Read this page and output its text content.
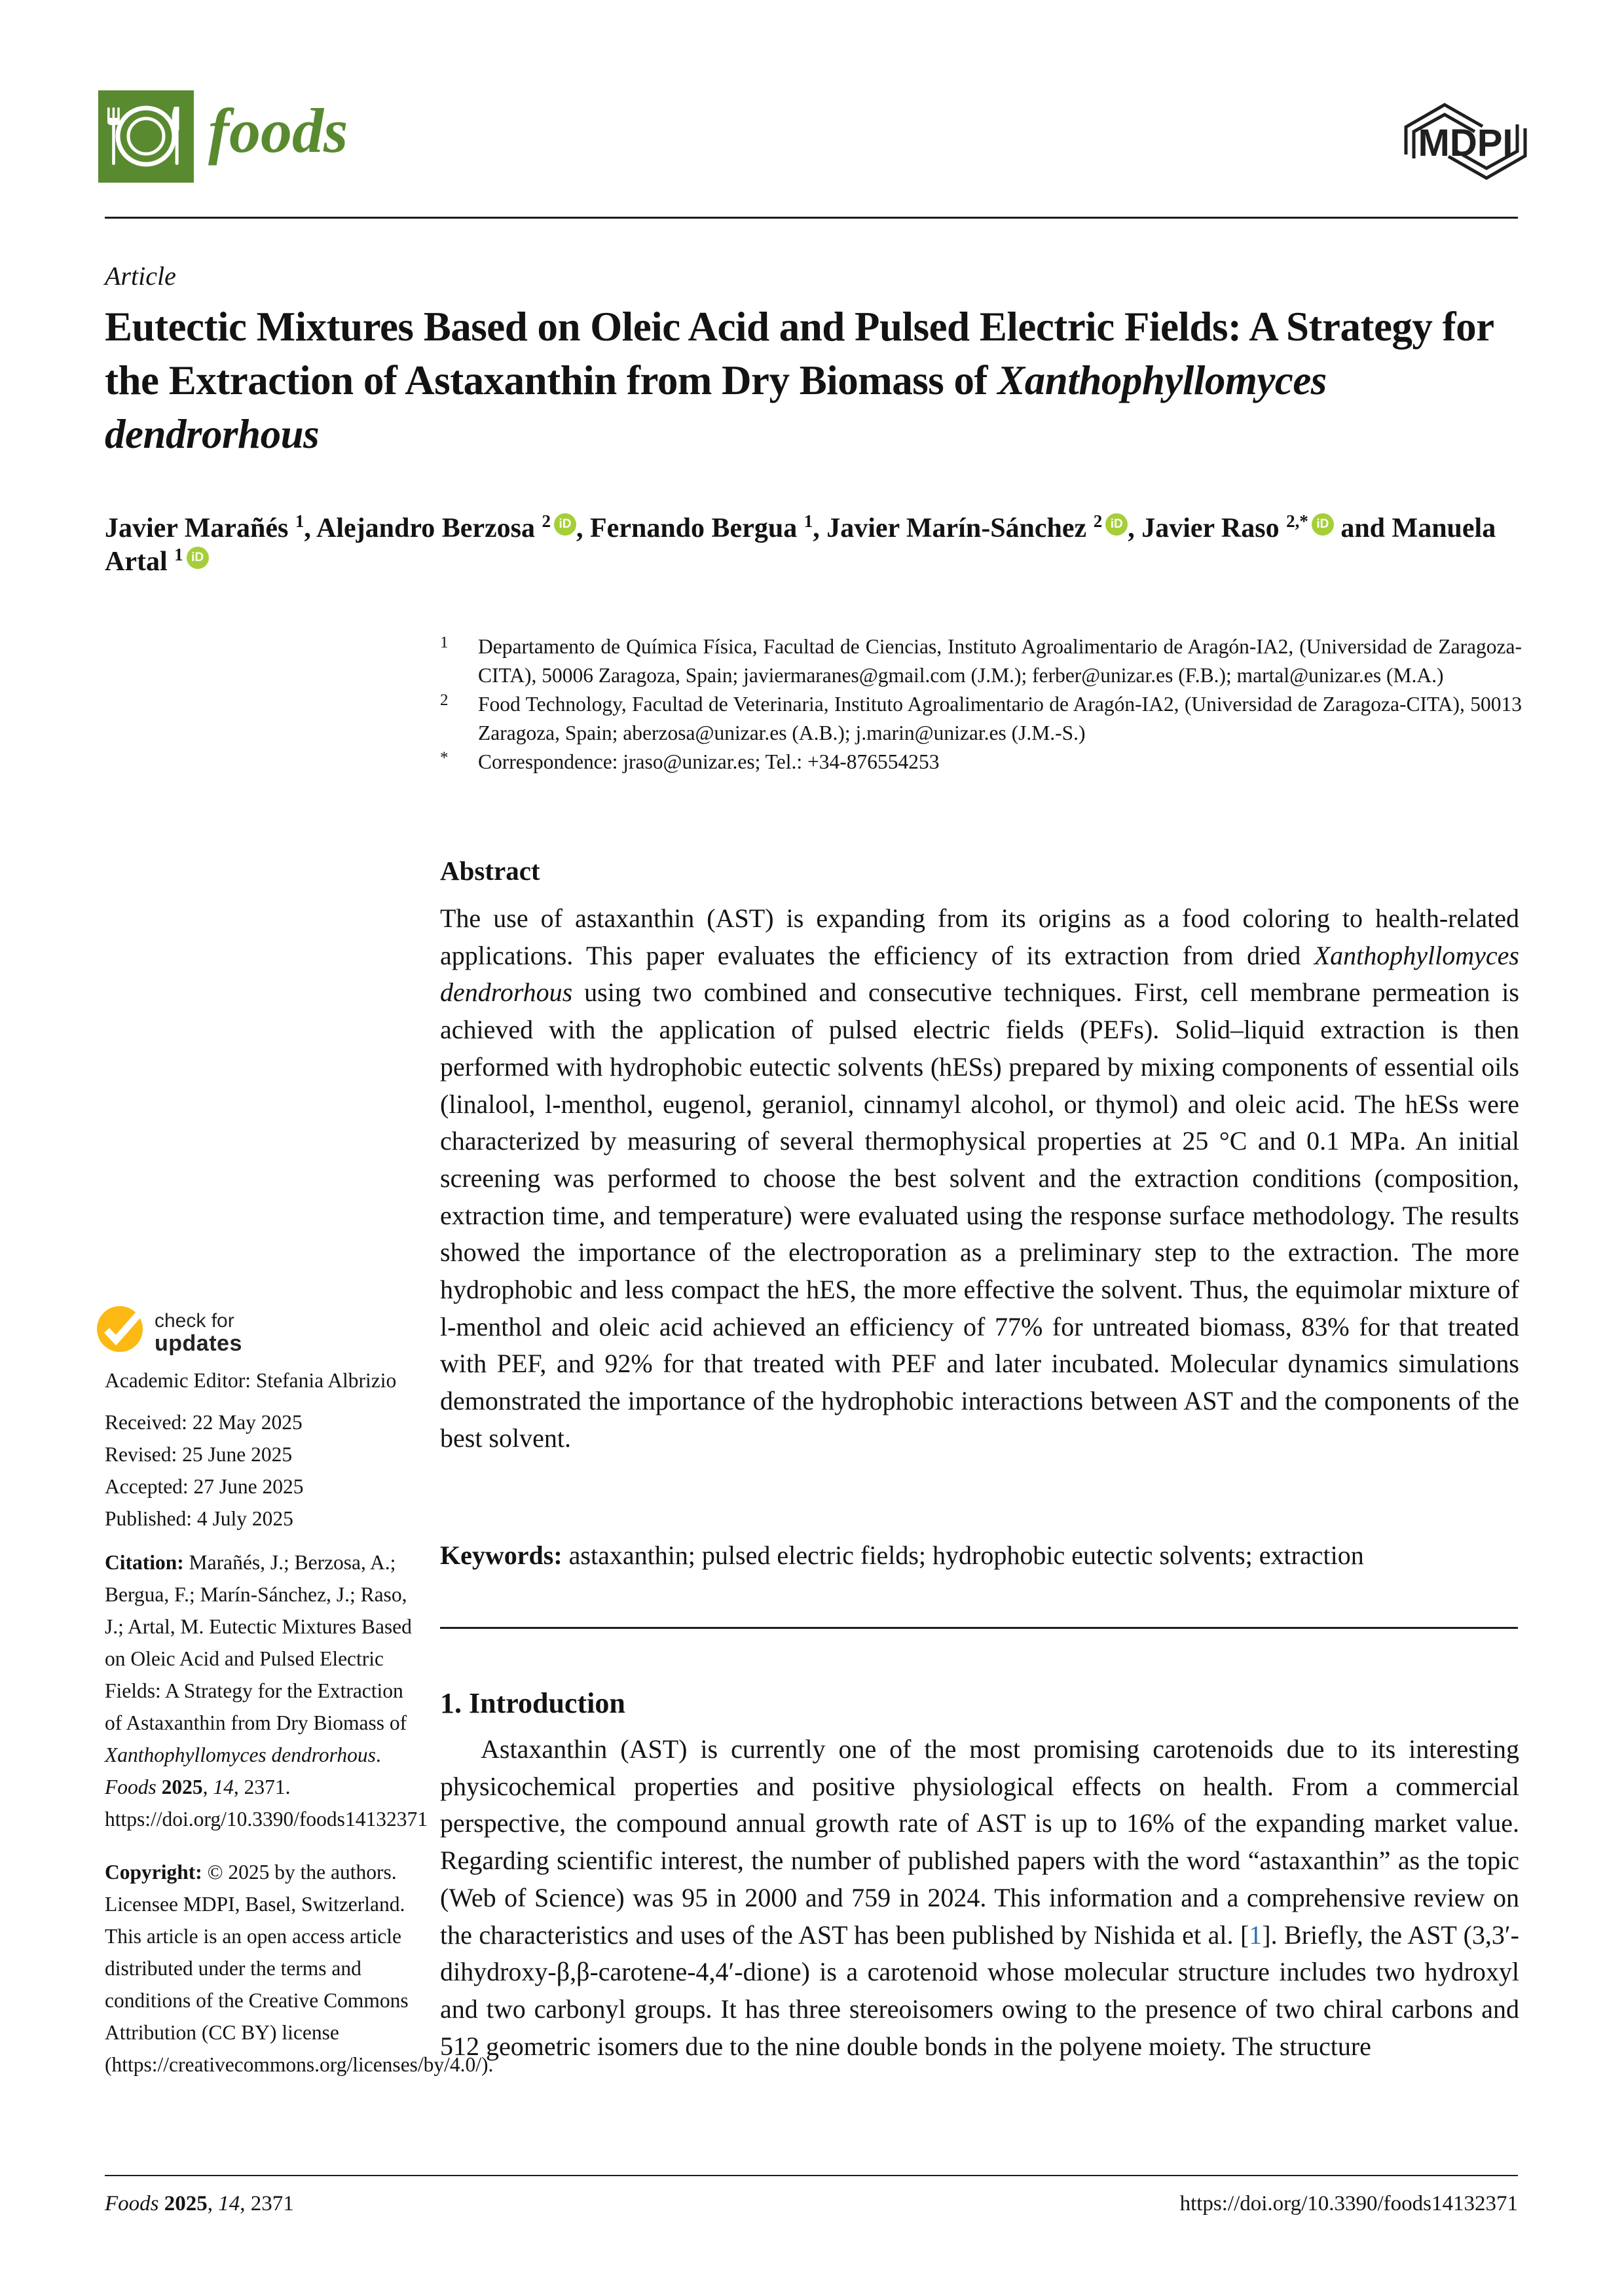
foods	MDPI
Article
Eutectic Mixtures Based on Oleic Acid and Pulsed Electric Fields: A Strategy for the Extraction of Astaxanthin from Dry Biomass of Xanthophyllomyces dendrorhous
Javier Marañés $^1$, Alejandro Berzosa $^2$ iD , Fernando Bergua $^1$, Javier Marín-Sánchez $^2$ iD , Javier Raso $^{2,*}$ iD and Manuela Artal $^1$ iD
1	Departamento de Química Física, Facultad de Ciencias, Instituto Agroalimentario de Aragón-IA2, (Universidad de Zaragoza-CITA), 50006 Zaragoza, Spain; javiermaranes@gmail.com (J.M.); ferber@unizar.es (F.B.); martal@unizar.es (M.A.)
2	Food Technology, Facultad de Veterinaria, Instituto Agroalimentario de Aragón-IA2, (Universidad de Zaragoza-CITA), 50013 Zaragoza, Spain; aberzosa@unizar.es (A.B.); j.marin@unizar.es (J.M.-S.)
*	Correspondence: jraso@unizar.es; Tel.: +34-876554253
Abstract
The use of astaxanthin (AST) is expanding from its origins as a food coloring to health-related applications. This paper evaluates the efficiency of its extraction from dried Xanthophyllomyces dendrorhous using two combined and consecutive techniques. First, cell membrane permeation is achieved with the application of pulsed electric fields (PEFs). Solid–liquid extraction is then performed with hydrophobic eutectic solvents (hESs) prepared by mixing components of essential oils (linalool, l-menthol, eugenol, geraniol, cinnamyl alcohol, or thymol) and oleic acid. The hESs were characterized by measuring of several thermophysical properties at 25 °C and 0.1 MPa. An initial screening was performed to choose the best solvent and the extraction conditions (composition, extraction time, and temperature) were evaluated using the response surface methodology. The results showed the importance of the electroporation as a preliminary step to the extraction. The more hydrophobic and less compact the hES, the more effective the solvent. Thus, the equimolar mixture of l-menthol and oleic acid achieved an efficiency of 77% for untreated biomass, 83% for that treated with PEF, and 92% for that treated with PEF and later incubated. Molecular dynamics simulations demonstrated the importance of the hydrophobic interactions between AST and the components of the best solvent.
Keywords: astaxanthin; pulsed electric fields; hydrophobic eutectic solvents; extraction
1. Introduction
Astaxanthin (AST) is currently one of the most promising carotenoids due to its interesting physicochemical properties and positive physiological effects on health. From a commercial perspective, the compound annual growth rate of AST is up to 16% of the expanding market value. Regarding scientific interest, the number of published papers with the word “astaxanthin” as the topic (Web of Science) was 95 in 2000 and 759 in 2024. This information and a comprehensive review on the characteristics and uses of the AST has been published by Nishida et al. [1]. Briefly, the AST (3,3′-dihydroxy-β,β-carotene-4,4′-dione) is a carotenoid whose molecular structure includes two hydroxyl and two carbonyl groups. It has three stereoisomers owing to the presence of two chiral carbons and 512 geometric isomers due to the nine double bonds in the polyene moiety. The structure
check for
updates
Academic Editor: Stefania Albrizio
Received: 22 May 2025
Revised: 25 June 2025
Accepted: 27 June 2025
Published: 4 July 2025
Citation: Marañés, J.; Berzosa, A.; Bergua, F.; Marín-Sánchez, J.; Raso, J.; Artal, M. Eutectic Mixtures Based on Oleic Acid and Pulsed Electric Fields: A Strategy for the Extraction of Astaxanthin from Dry Biomass of Xanthophyllomyces dendrorhous. Foods 2025, 14, 2371. https://doi.org/10.3390/foods14132371
Copyright: © 2025 by the authors. Licensee MDPI, Basel, Switzerland. This article is an open access article distributed under the terms and conditions of the Creative Commons Attribution (CC BY) license (https://creativecommons.org/licenses/by/4.0/).
Foods 2025, 14, 2371	https://doi.org/10.3390/foods14132371
